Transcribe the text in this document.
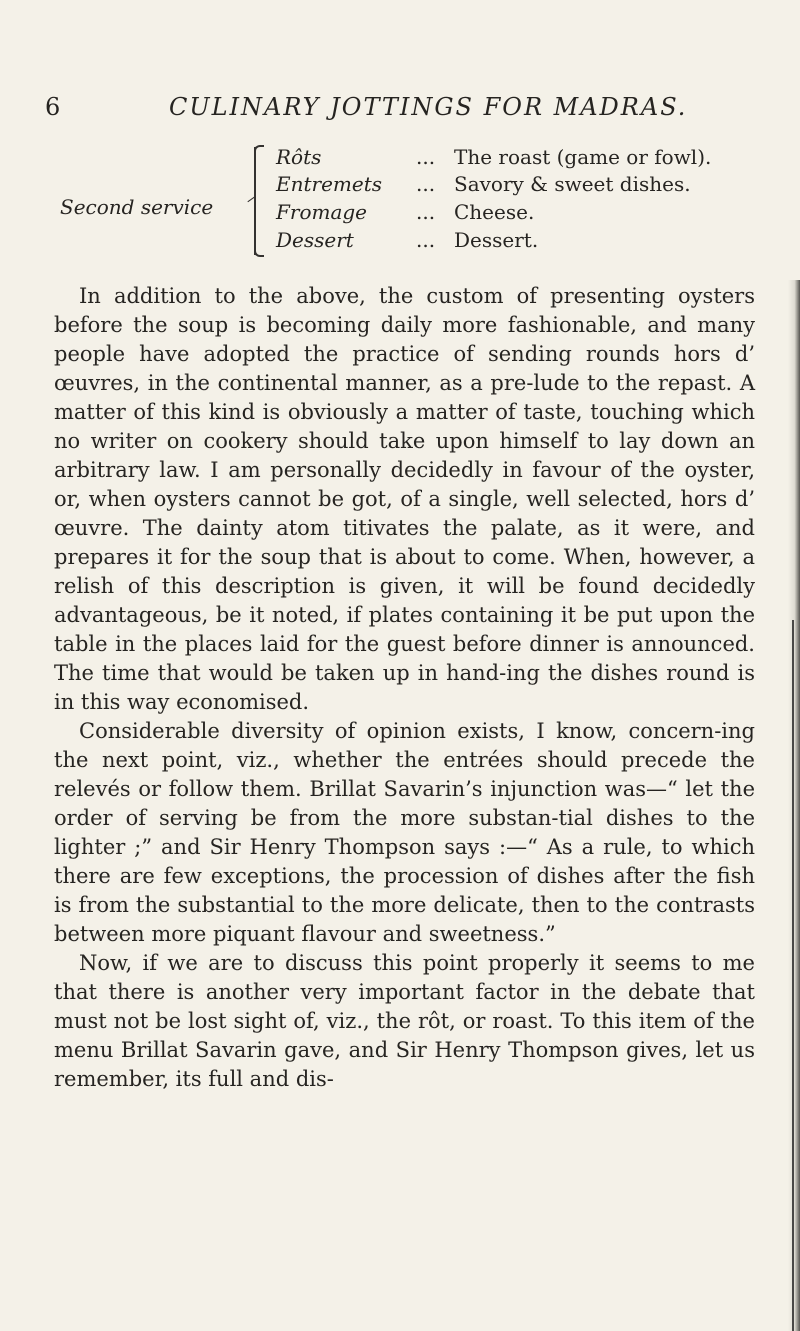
6	CULINARY JOTTINGS FOR MADRAS.
Second service
Rôts	... The roast (game or fowl).
Entremets	... Savory & sweet dishes.
Fromage	... Cheese.
Dessert	... Dessert.

In addition to the above, the custom of presenting oysters before the soup is becoming daily more fashionable, and many people have adopted the practice of sending rounds hors d’ œuvres, in the continental manner, as a pre-lude to the repast. A matter of this kind is obviously a matter of taste, touching which no writer on cookery should take upon himself to lay down an arbitrary law. I am personally decidedly in favour of the oyster, or, when oysters cannot be got, of a single, well selected, hors d’ œuvre. The dainty atom titivates the palate, as it were, and prepares it for the soup that is about to come. When, however, a relish of this description is given, it will be found decidedly advantageous, be it noted, if plates containing it be put upon the table in the places laid for the guest before dinner is announced. The time that would be taken up in hand-ing the dishes round is in this way economised.

Considerable diversity of opinion exists, I know, concern-ing the next point, viz., whether the entrées should precede the relevés or follow them. Brillat Savarin’s injunction was—“ let the order of serving be from the more substan-tial dishes to the lighter ;” and Sir Henry Thompson says :—“ As a rule, to which there are few exceptions, the procession of dishes after the fish is from the substantial to the more delicate, then to the contrasts between more piquant flavour and sweetness.”

Now, if we are to discuss this point properly it seems to me that there is another very important factor in the debate that must not be lost sight of, viz., the rôt, or roast. To this item of the menu Brillat Savarin gave, and Sir Henry Thompson gives, let us remember, its full and dis-
